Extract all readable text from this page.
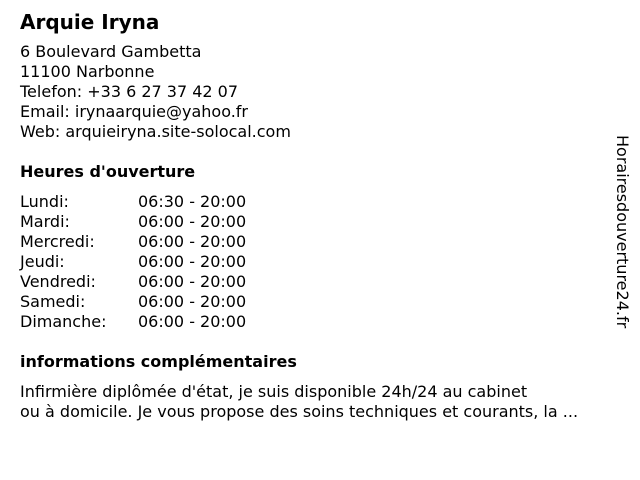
Arquie Iryna
6 Boulevard Gambetta
11100 Narbonne
Telefon: +33 6 27 37 42 07
Email: irynaarquie@yahoo.fr
Web: arquieiryna.site-solocal.com
Heures d'ouverture
Lundi:	06:30 - 20:00
Mardi:	06:00 - 20:00
Mercredi:	06:00 - 20:00
Jeudi:	06:00 - 20:00
Vendredi:	06:00 - 20:00
Samedi:	06:00 - 20:00
Dimanche:	06:00 - 20:00
informations complémentaires
Infirmière diplômée d'état, je suis disponible 24h/24 au cabinet
ou à domicile. Je vous propose des soins techniques et courants, la ...
Horairesdouverture24.fr
